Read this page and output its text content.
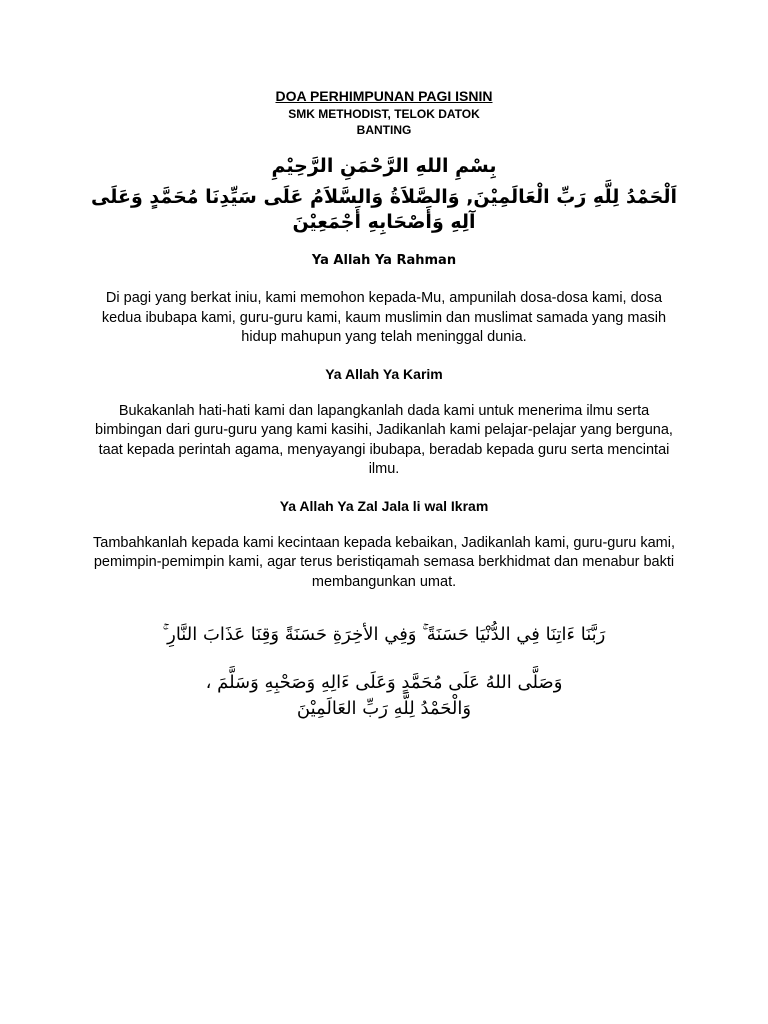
DOA PERHIMPUNAN PAGI ISNIN

SMK METHODIST, TELOK DATOK

BANTING

بِسْمِ اللهِ الرَّحْمَنِ الرَّحِيْمِ

اَلْحَمْدُ لِلَّهِ رَبِّ الْعَالَمِيْنَ, وَالصَّلاَةُ وَالسَّلاَمُ عَلَى سَيِّدِنَا مُحَمَّدٍ وَعَلَى آلِهِ وَأَصْحَابِهِ أَجْمَعِيْنَ

Ya Allah Ya Rahman

Di pagi yang berkat iniu, kami memohon kepada-Mu, ampunilah dosa-dosa kami, dosa kedua ibubapa kami, guru-guru kami, kaum muslimin dan muslimat samada yang masih hidup mahupun yang telah meninggal dunia.

Ya Allah Ya Karim

Bukakanlah hati-hati kami dan lapangkanlah dada kami untuk menerima ilmu serta bimbingan dari guru-guru yang kami kasihi, Jadikanlah kami pelajar-pelajar yang berguna, taat kepada perintah agama, menyayangi ibubapa, beradab kepada guru serta mencintai ilmu.

Ya Allah Ya Zal Jala li wal Ikram

Tambahkanlah kepada kami kecintaan kepada kebaikan, Jadikanlah kami, guru-guru kami, pemimpin-pemimpin kami, agar terus beristiqamah semasa berkhidmat dan menabur bakti membangunkan umat.

رَبَّنَا ءَاتِنَا فِي الدُّنْيَا حَسَنَةً ۚ وَفِي الأخِرَةِ حَسَنَةً وَقِنَا عَذَابَ النَّارِ ۚ

وَصَلَّى اللهُ عَلَى مُحَمَّدٍ وَعَلَى ءَالِهِ وَصَحْبِهِ وَسَلَّمَ ،

وَالْحَمْدُ لِلَّهِ رَبِّ العَالَمِيْنَ
